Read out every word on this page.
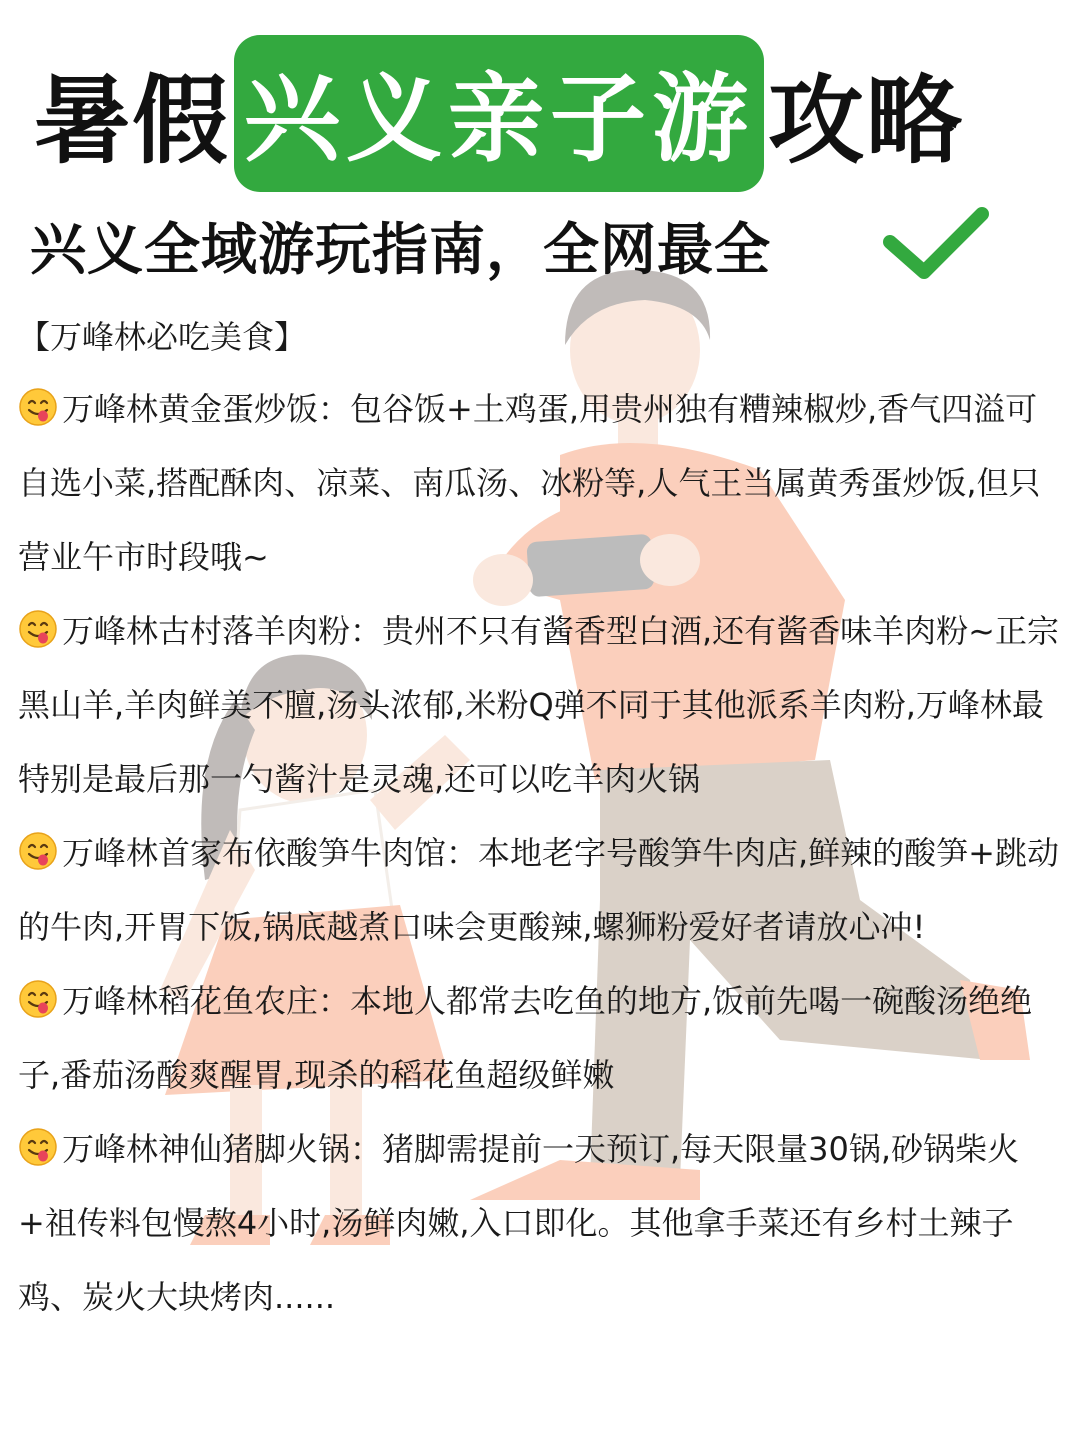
暑假 兴义亲子游 攻略
兴义全域游玩指南，全网最全
【万峰林必吃美食】
万峰林黄金蛋炒饭：包谷饭+土鸡蛋,用贵州独有糟辣椒炒,香气四溢可自选小菜,搭配酥肉、凉菜、南瓜汤、冰粉等,人气王当属黄秀蛋炒饭,但只营业午市时段哦~
万峰林古村落羊肉粉：贵州不只有酱香型白酒,还有酱香味羊肉粉~正宗黑山羊,羊肉鲜美不膻,汤头浓郁,米粉Q弹不同于其他派系羊肉粉,万峰林最特别是最后那一勺酱汁是灵魂,还可以吃羊肉火锅
万峰林首家布依酸笋牛肉馆：本地老字号酸笋牛肉店,鲜辣的酸笋+跳动的牛肉,开胃下饭,锅底越煮口味会更酸辣,螺狮粉爱好者请放心冲!
万峰林稻花鱼农庄：本地人都常去吃鱼的地方,饭前先喝一碗酸汤绝绝子,番茄汤酸爽醒胃,现杀的稻花鱼超级鲜嫩
万峰林神仙猪脚火锅：猪脚需提前一天预订,每天限量30锅,砂锅柴火+祖传料包慢熬4小时,汤鲜肉嫩,入口即化。其他拿手菜还有乡村土辣子鸡、炭火大块烤肉......
